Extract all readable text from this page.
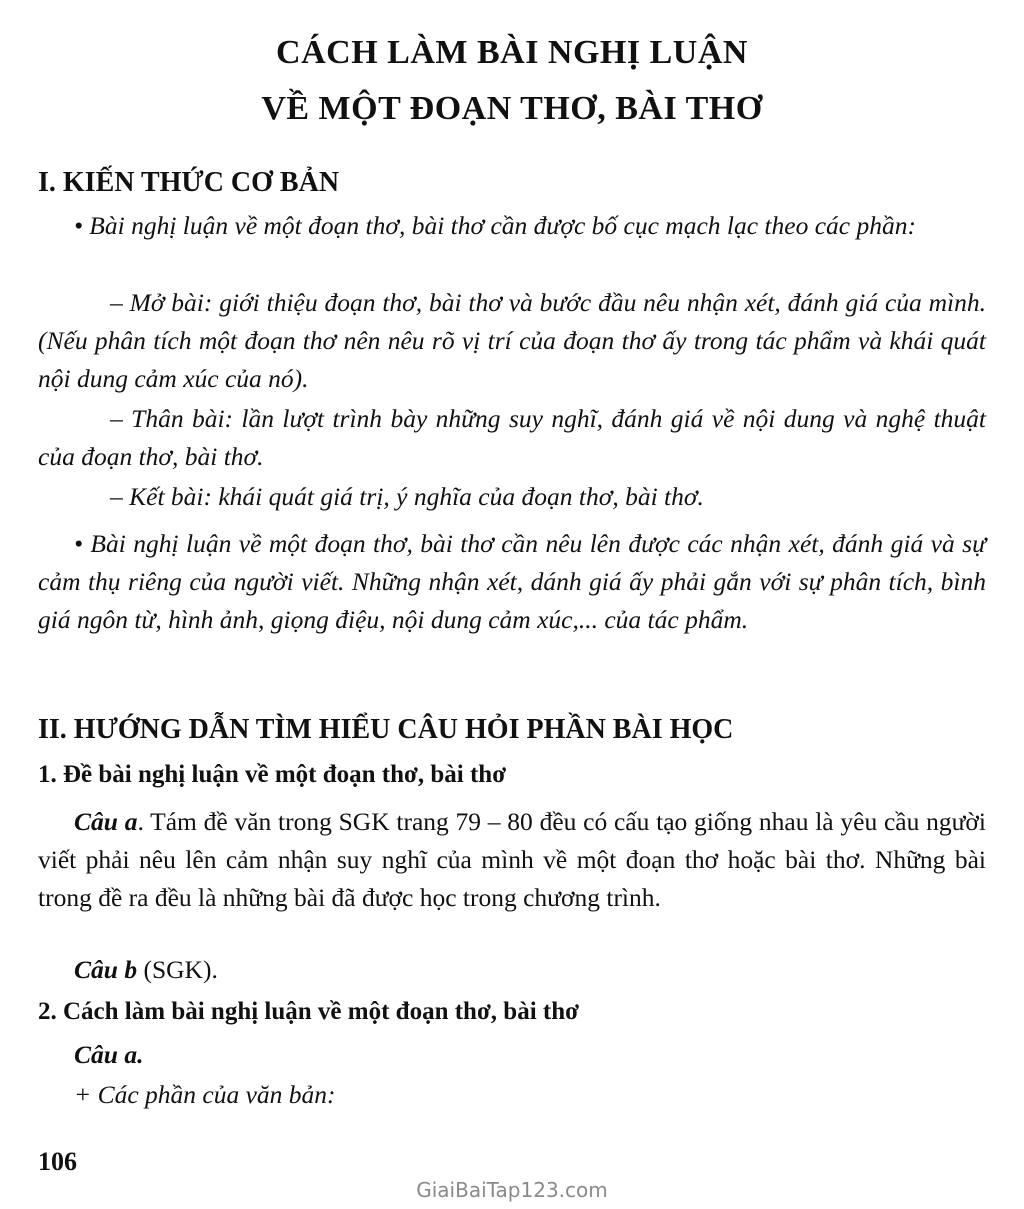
CÁCH LÀM BÀI NGHỊ LUẬN
VỀ MỘT ĐOẠN THƠ, BÀI THƠ
I. KIẾN THỨC CƠ BẢN
• Bài nghị luận về một đoạn thơ, bài thơ cần được bố cục mạch lạc theo các phần:
– Mở bài: giới thiệu đoạn thơ, bài thơ và bước đầu nêu nhận xét, đánh giá của mình. (Nếu phân tích một đoạn thơ nên nêu rõ vị trí của đoạn thơ ấy trong tác phẩm và khái quát nội dung cảm xúc của nó).
– Thân bài: lần lượt trình bày những suy nghĩ, đánh giá về nội dung và nghệ thuật của đoạn thơ, bài thơ.
– Kết bài: khái quát giá trị, ý nghĩa của đoạn thơ, bài thơ.
• Bài nghị luận về một đoạn thơ, bài thơ cần nêu lên được các nhận xét, đánh giá và sự cảm thụ riêng của người viết. Những nhận xét, dánh giá ấy phải gắn với sự phân tích, bình giá ngôn từ, hình ảnh, giọng điệu, nội dung cảm xúc,... của tác phẩm.
II. HƯỚNG DẪN TÌM HIỂU CÂU HỎI PHẦN BÀI HỌC
1. Đề bài nghị luận về một đoạn thơ, bài thơ
Câu a. Tám đề văn trong SGK trang 79 – 80 đều có cấu tạo giống nhau là yêu cầu người viết phải nêu lên cảm nhận suy nghĩ của mình về một đoạn thơ hoặc bài thơ. Những bài trong đề ra đều là những bài đã được học trong chương trình.
Câu b (SGK).
2. Cách làm bài nghị luận về một đoạn thơ, bài thơ
Câu a.
+ Các phần của văn bản:
106
GiaiBaiTap123.com
